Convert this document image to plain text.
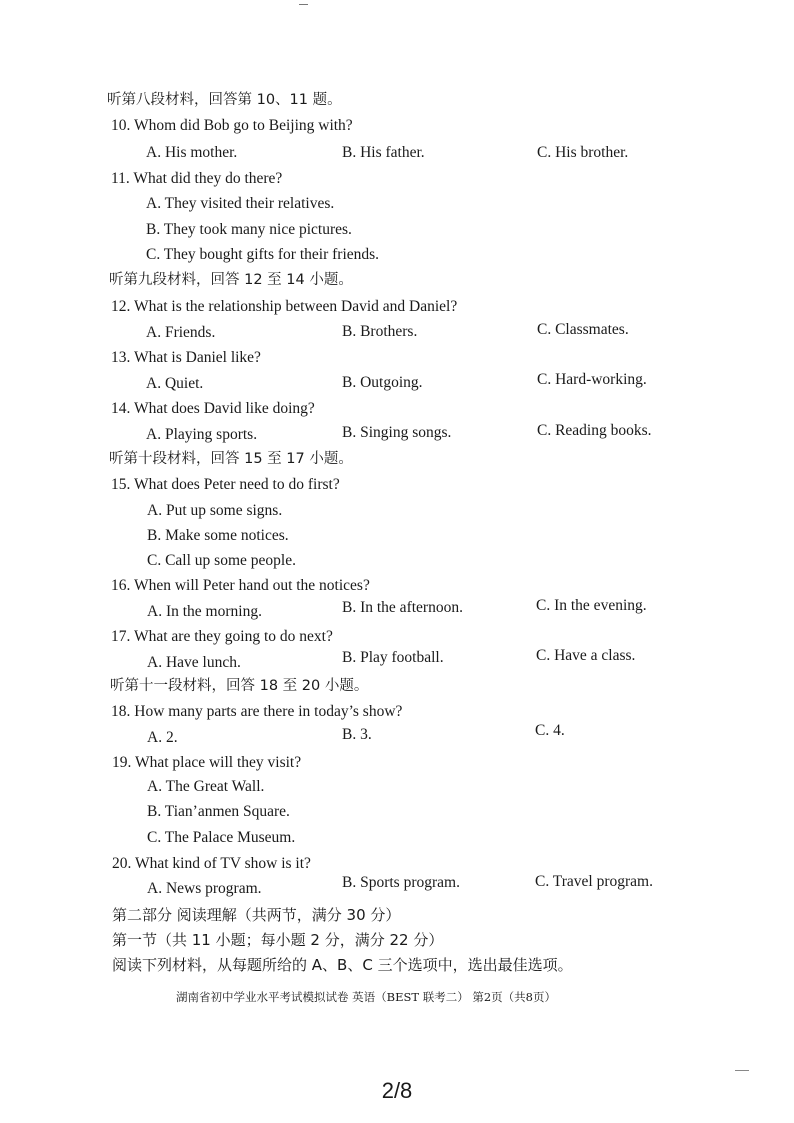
听第八段材料，回答第 10、11 题。
10. Whom did Bob go to Beijing with?
A. His mother.	B. His father.	C. His brother.
11. What did they do there?
A. They visited their relatives.
B. They took many nice pictures.
C. They bought gifts for their friends.
听第九段材料，回答 12 至 14 小题。
12. What is the relationship between David and Daniel?
A. Friends.	B. Brothers.	C. Classmates.
13. What is Daniel like?
A. Quiet.	B. Outgoing.	C. Hard-working.
14. What does David like doing?
A. Playing sports.	B. Singing songs.	C. Reading books.
听第十段材料，回答 15 至 17 小题。
15. What does Peter need to do first?
A. Put up some signs.
B. Make some notices.
C. Call up some people.
16. When will Peter hand out the notices?
A. In the morning.	B. In the afternoon.	C. In the evening.
17. What are they going to do next?
A. Have lunch.	B. Play football.	C. Have a class.
听第十一段材料，回答 18 至 20 小题。
18. How many parts are there in today’s show?
A. 2.	B. 3.	C. 4.
19. What place will they visit?
A. The Great Wall.
B. Tian’anmen Square.
C. The Palace Museum.
20. What kind of TV show is it?
A. News program.	B. Sports program.	C. Travel program.
第二部分 阅读理解（共两节，满分 30 分）
第一节（共 11 小题；每小题 2 分，满分 22 分）
阅读下列材料，从每题所给的 A、B、C 三个选项中，选出最佳选项。
湖南省初中学业水平考试模拟试卷 英语（BEST 联考二） 第2页（共8页）
2/8
